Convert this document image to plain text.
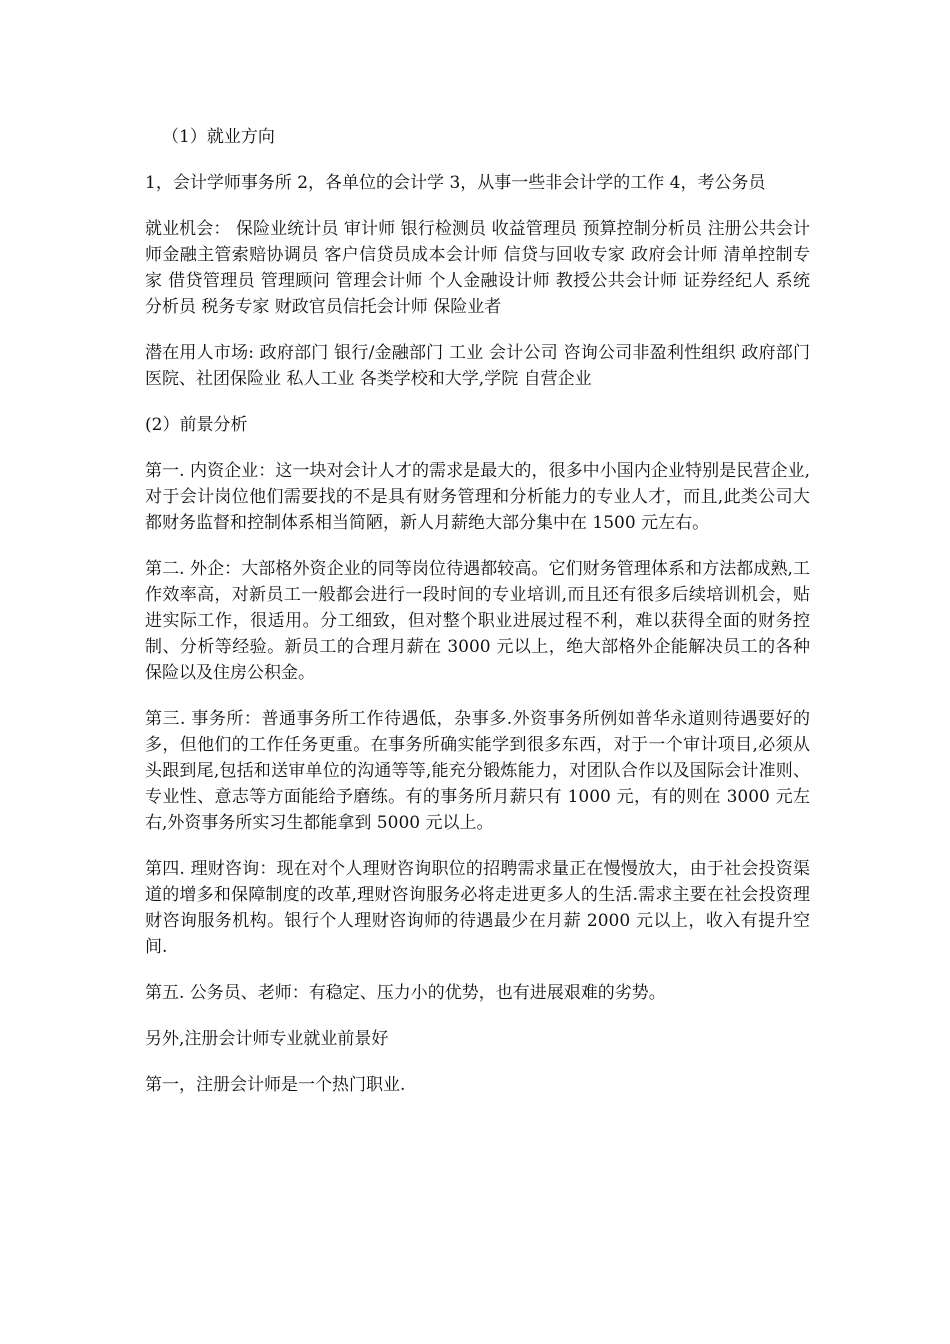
（1）就业方向

1，会计学师事务所 2，各单位的会计学 3，从事一些非会计学的工作 4，考公务员

就业机会： 保险业统计员 审计师 银行检测员 收益管理员 预算控制分析员 注册公共会计师金融主管索赔协调员 客户信贷员成本会计师 信贷与回收专家 政府会计师 清单控制专家 借贷管理员 管理顾问 管理会计师 个人金融设计师 教授公共会计师 证券经纪人 系统分析员 税务专家 财政官员信托会计师 保险业者

潜在用人市场: 政府部门 银行/金融部门 工业 会计公司 咨询公司非盈利性组织 政府部门医院、社团保险业 私人工业 各类学校和大学,学院 自营企业

(2）前景分析

第一. 内资企业：这一块对会计人才的需求是最大的，很多中小国内企业特别是民营企业,对于会计岗位他们需要找的不是具有财务管理和分析能力的专业人才，而且,此类公司大都财务监督和控制体系相当简陋，新人月薪绝大部分集中在 1500 元左右。

第二. 外企：大部格外资企业的同等岗位待遇都较高。它们财务管理体系和方法都成熟,工作效率高，对新员工一般都会进行一段时间的专业培训,而且还有很多后续培训机会，贴进实际工作，很适用。分工细致，但对整个职业进展过程不利，难以获得全面的财务控制、分析等经验。新员工的合理月薪在 3000 元以上，绝大部格外企能解决员工的各种保险以及住房公积金。

第三. 事务所：普通事务所工作待遇低，杂事多.外资事务所例如普华永道则待遇要好的多，但他们的工作任务更重。在事务所确实能学到很多东西，对于一个审计项目,必须从头跟到尾,包括和送审单位的沟通等等,能充分锻炼能力，对团队合作以及国际会计准则、专业性、意志等方面能给予磨练。有的事务所月薪只有 1000 元，有的则在 3000 元左右,外资事务所实习生都能拿到 5000 元以上。

第四. 理财咨询：现在对个人理财咨询职位的招聘需求量正在慢慢放大，由于社会投资渠道的增多和保障制度的改革,理财咨询服务必将走进更多人的生活.需求主要在社会投资理财咨询服务机构。银行个人理财咨询师的待遇最少在月薪 2000 元以上，收入有提升空间.

第五. 公务员、老师：有稳定、压力小的优势，也有进展艰难的劣势。

另外,注册会计师专业就业前景好

第一，注册会计师是一个热门职业.
